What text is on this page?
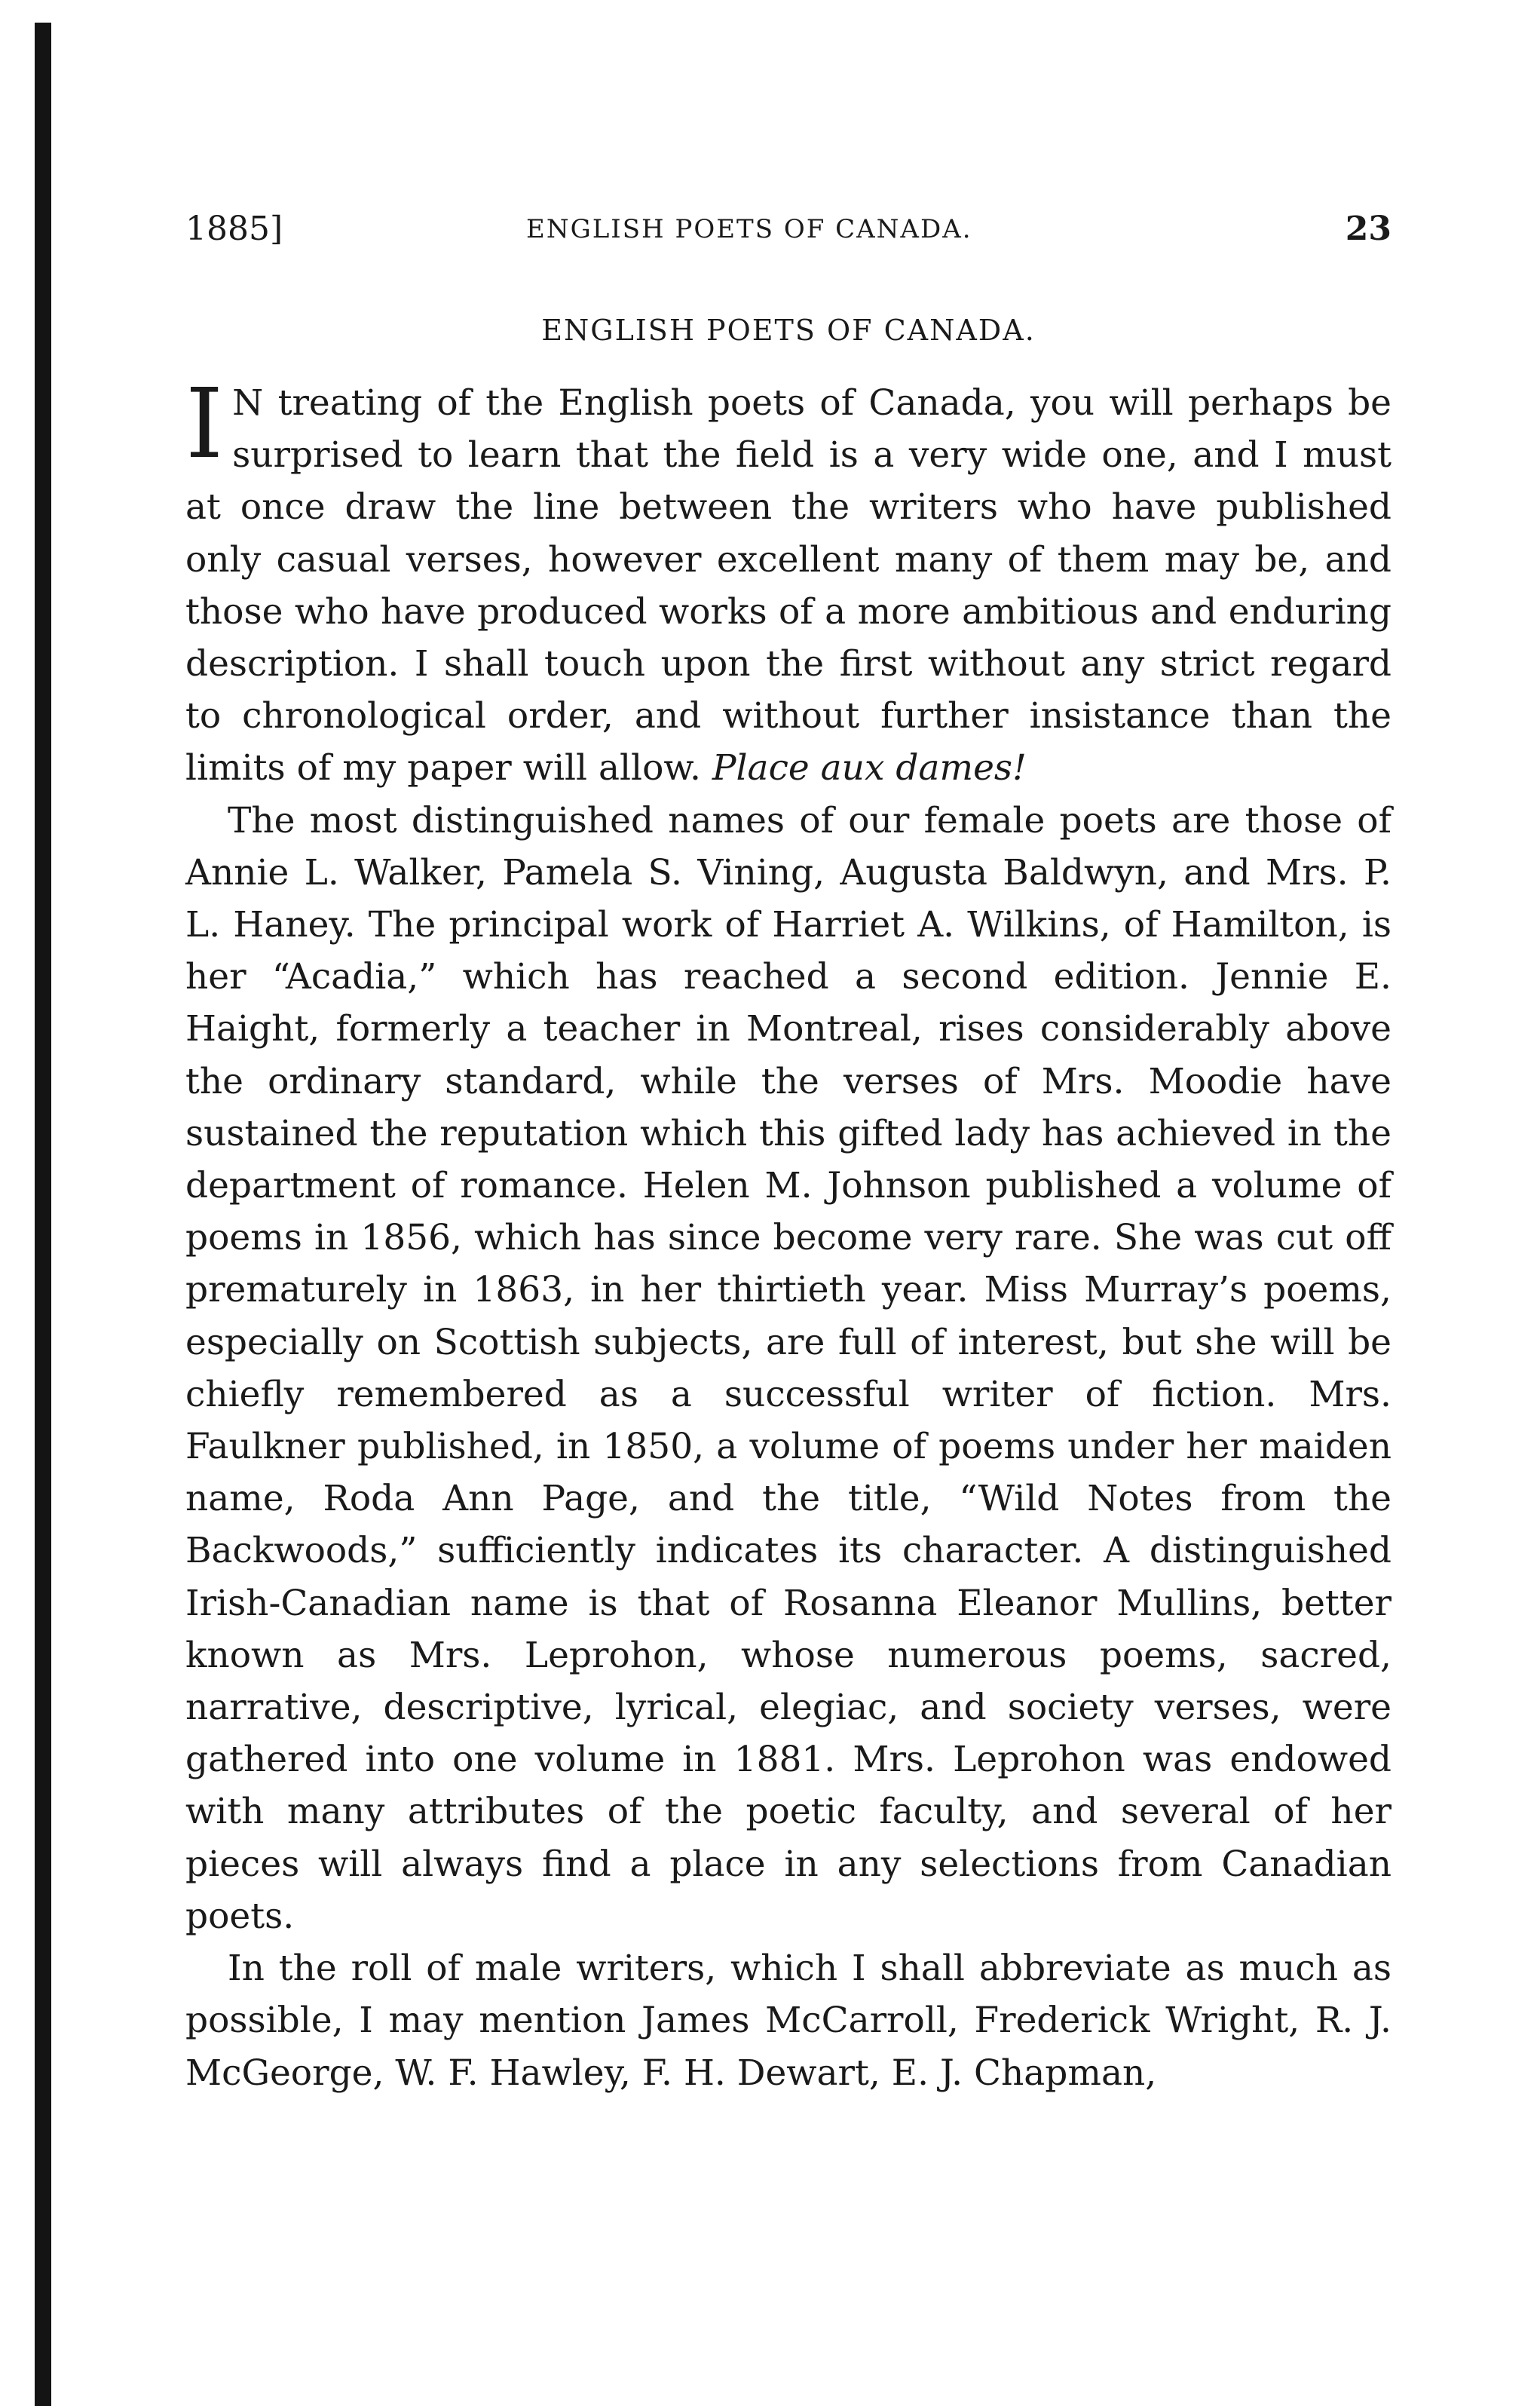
1885]	ENGLISH POETS OF CANADA.	23
ENGLISH POETS OF CANADA.

I N treating of the English poets of Canada, you will perhaps be surprised to learn that the field is a very wide one, and I must at once draw the line between the writers who have published only casual verses, however excellent many of them may be, and those who have produced works of a more ambitious and enduring description. I shall touch upon the first without any strict regard to chronological order, and without further insistance than the limits of my paper will allow. Place aux dames!

The most distinguished names of our female poets are those of Annie L. Walker, Pamela S. Vining, Augusta Baldwyn, and Mrs. P. L. Haney. The principal work of Harriet A. Wilkins, of Hamilton, is her “Acadia,” which has reached a second edition. Jennie E. Haight, formerly a teacher in Montreal, rises considerably above the ordinary standard, while the verses of Mrs. Moodie have sustained the reputation which this gifted lady has achieved in the department of romance. Helen M. Johnson published a volume of poems in 1856, which has since become very rare. She was cut off prematurely in 1863, in her thirtieth year. Miss Murray’s poems, especially on Scottish subjects, are full of interest, but she will be chiefly remembered as a successful writer of fiction. Mrs. Faulkner published, in 1850, a volume of poems under her maiden name, Roda Ann Page, and the title, “Wild Notes from the Backwoods,” sufficiently indicates its character. A distinguished Irish-Canadian name is that of Rosanna Eleanor Mullins, better known as Mrs. Leprohon, whose numerous poems, sacred, narrative, descriptive, lyrical, elegiac, and society verses, were gathered into one volume in 1881. Mrs. Leprohon was endowed with many attributes of the poetic faculty, and several of her pieces will always find a place in any selections from Canadian poets.

In the roll of male writers, which I shall abbreviate as much as possible, I may mention James McCarroll, Frederick Wright, R. J. McGeorge, W. F. Hawley, F. H. Dewart, E. J. Chapman,
